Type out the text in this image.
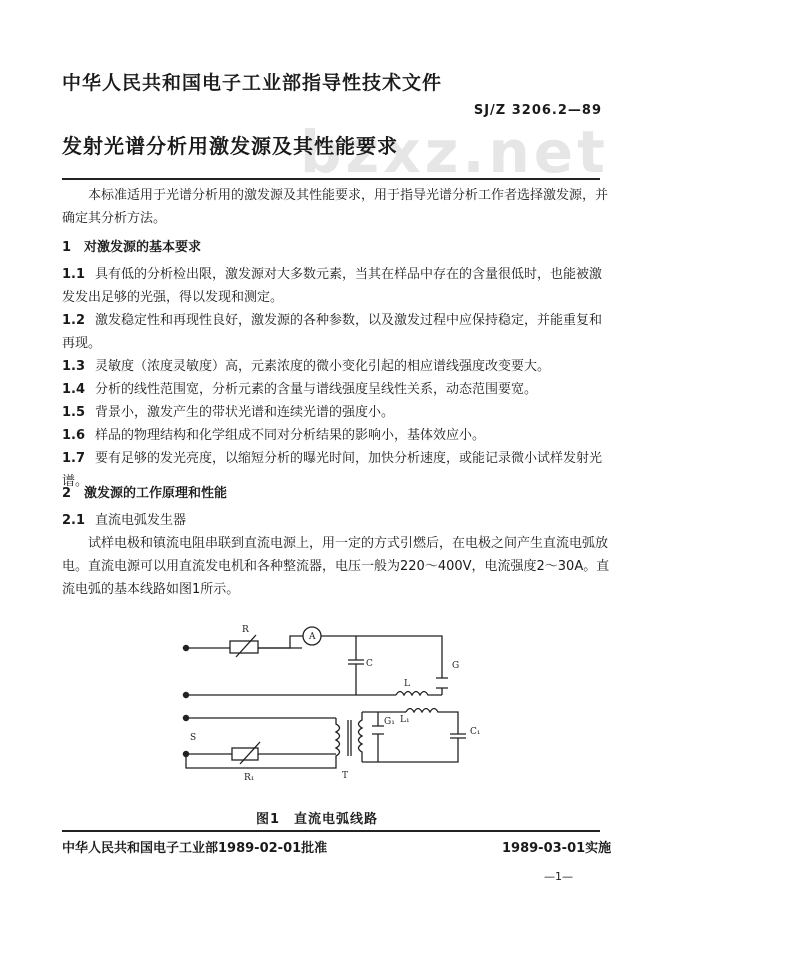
bzxz.net
中华人民共和国电子工业部指导性技术文件
SJ/Z 3206.2—89
发射光谱分析用激发源及其性能要求

本标准适用于光谱分析用的激发源及其性能要求，用于指导光谱分析工作者选择激发源，并确定其分析方法。

1　对激发源的基本要求

1.1 具有低的分析检出限，激发源对大多数元素，当其在样品中存在的含量很低时，也能被激发发出足够的光强，得以发现和测定。

1.2 激发稳定性和再现性良好，激发源的各种参数，以及激发过程中应保持稳定，并能重复和再现。

1.3 灵敏度（浓度灵敏度）高，元素浓度的微小变化引起的相应谱线强度改变要大。

1.4 分析的线性范围宽，分析元素的含量与谱线强度呈线性关系，动态范围要宽。

1.5 背景小，激发产生的带状光谱和连续光谱的强度小。

1.6 样品的物理结构和化学组成不同对分析结果的影响小，基体效应小。

1.7 要有足够的发光亮度，以缩短分析的曝光时间，加快分析速度，或能记录微小试样发射光谱。

2　激发源的工作原理和性能

2.1 直流电弧发生器

试样电极和镇流电阻串联到直流电源上，用一定的方式引燃后，在电极之间产生直流电弧放电。直流电源可以用直流发电机和各种整流器，电压一般为220～400V，电流强度2～30A。直流电弧的基本线路如图1所示。

R
A
C	G
L
L₁
G₁
C₁
S
T
R₁
图1　直流电弧线路
中华人民共和国电子工业部1989-02-01批准	1989-03-01实施
—1—
